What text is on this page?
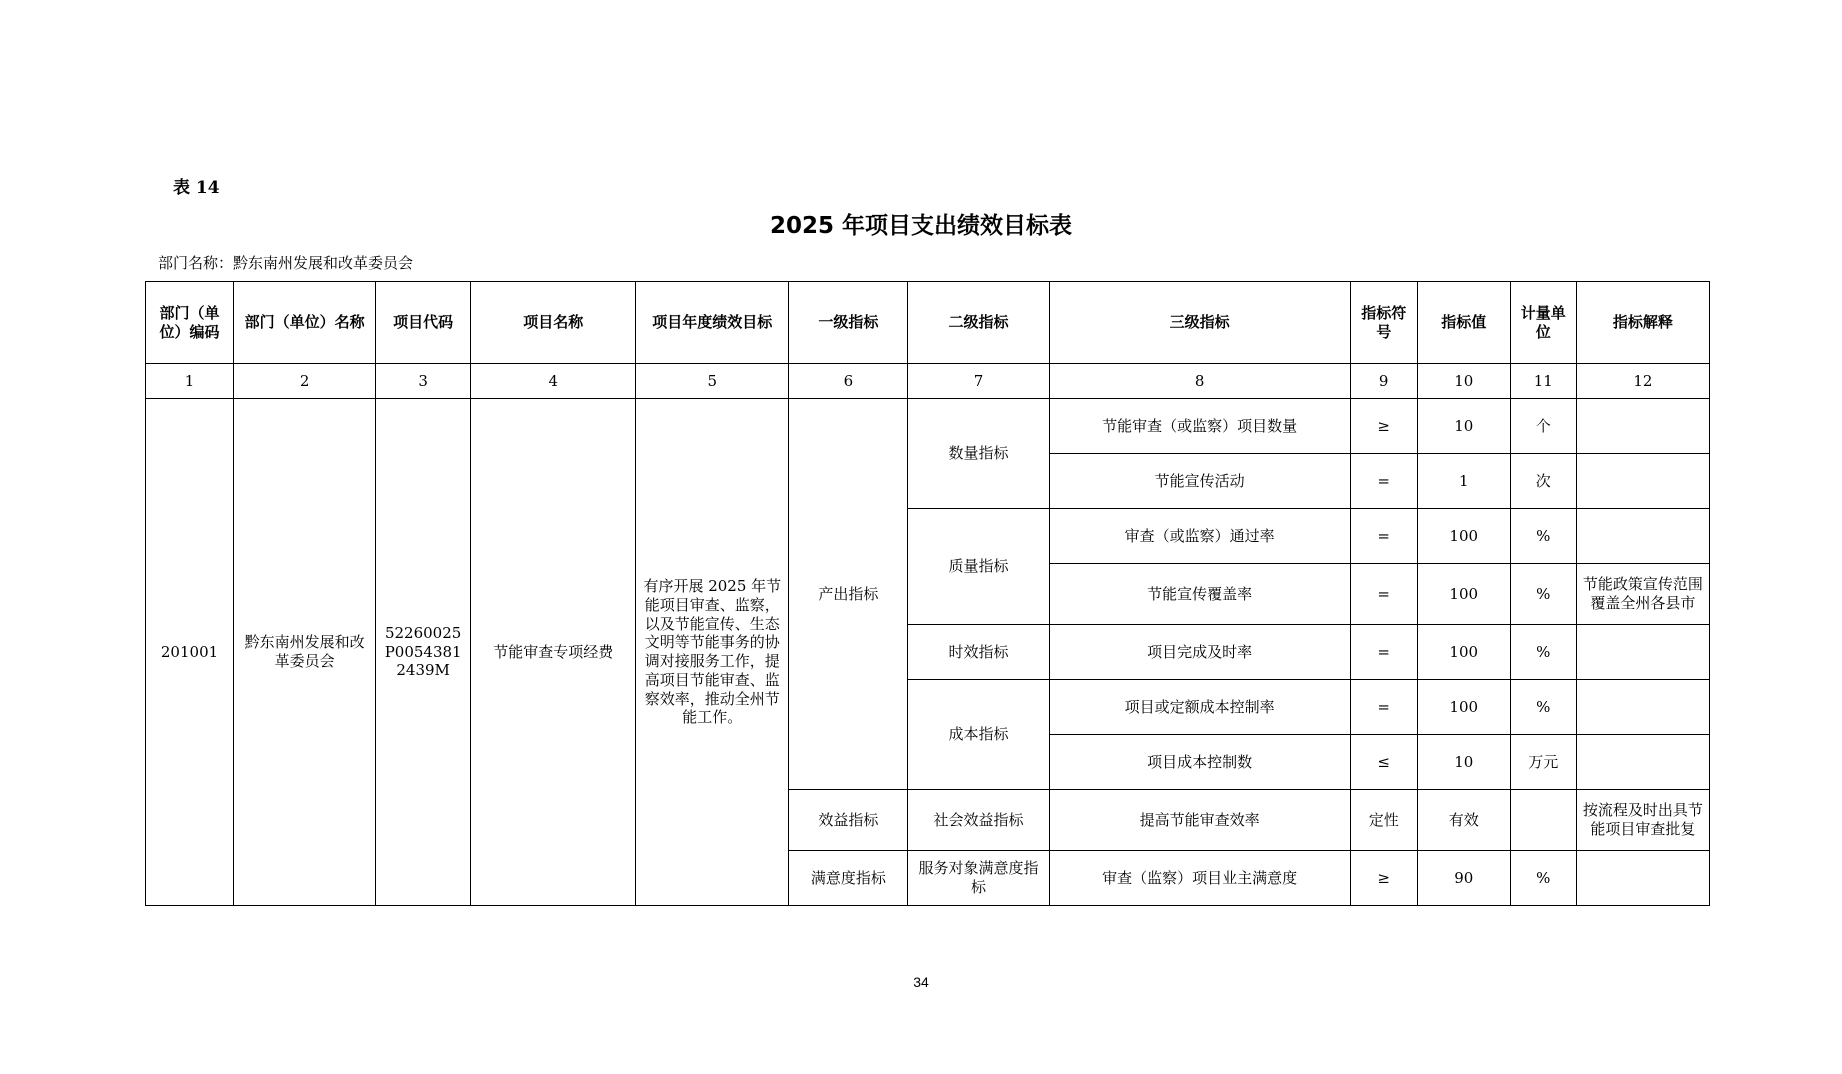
表 14
2025 年项目支出绩效目标表
部门名称：黔东南州发展和改革委员会
部门（单位）编码	部门（单位）名称	项目代码	项目名称	项目年度绩效目标	一级指标	二级指标	三级指标	指标符号	指标值	计量单位	指标解释
1	2	3	4	5	6	7	8	9	10	11	12
201001	黔东南州发展和改革委员会	52260025P00543812439M	节能审查专项经费	有序开展 2025 年节能项目审查、监察，以及节能宣传、生态文明等节能事务的协调对接服务工作，提高项目节能审查、监察效率，推动全州节能工作。	产出指标	数量指标	节能审查（或监察）项目数量	≥	10	个	
							节能宣传活动	=	1	次	
						质量指标	审查（或监察）通过率	=	100	%	
							节能宣传覆盖率	=	100	%	节能政策宣传范围覆盖全州各县市
						时效指标	项目完成及时率	=	100	%	
						成本指标	项目或定额成本控制率	=	100	%	
							项目成本控制数	≤	10	万元	
					效益指标	社会效益指标	提高节能审查效率	定性	有效		按流程及时出具节能项目审查批复
					满意度指标	服务对象满意度指标	审查（监察）项目业主满意度	≥	90	%	
34
